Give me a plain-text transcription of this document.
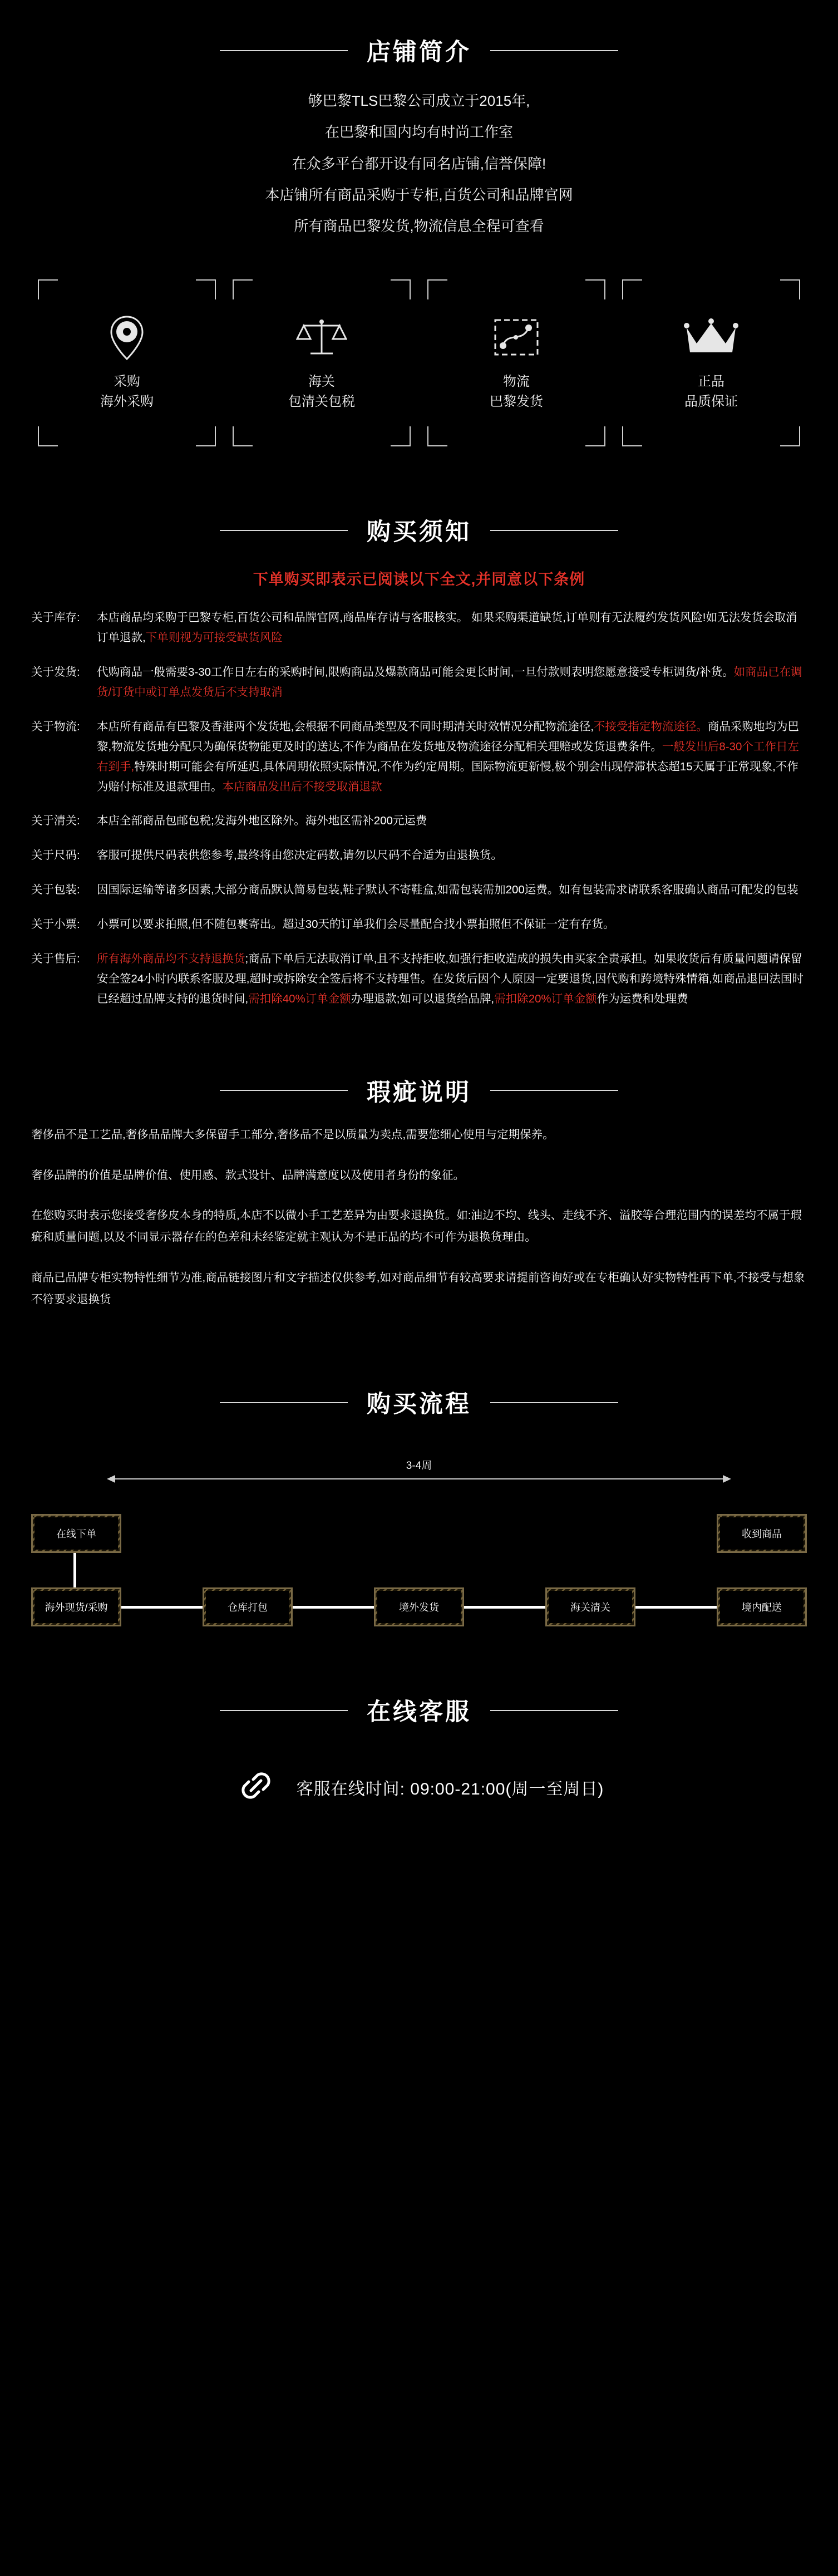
店铺简介

够巴黎TLS巴黎公司成立于2015年,

在巴黎和国内均有时尚工作室

在众多平台都开设有同名店铺,信誉保障!

本店铺所有商品采购于专柜,百货公司和品牌官网

所有商品巴黎发货,物流信息全程可查看

采购
海外采购
海关
包清关包税
物流
巴黎发货
正品
品质保证
购买须知
下单购买即表示已阅读以下全文,并同意以下条例
关于库存:	本店商品均采购于巴黎专柜,百货公司和品牌官网,商品库存请与客服核实。 如果采购渠道缺货,订单则有无法履约发货风险!如无法发货会取消订单退款,下单则视为可接受缺货风险
关于发货:	代购商品一般需要3-30工作日左右的采购时间,限购商品及爆款商品可能会更长时间,一旦付款则表明您愿意接受专柜调货/补货。如商品已在调货/订货中或订单点发货后不支持取消
关于物流:	本店所有商品有巴黎及香港两个发货地,会根据不同商品类型及不同时期清关时效情况分配物流途径,不接受指定物流途径。商品采购地均为巴黎,物流发货地分配只为确保货物能更及时的送达,不作为商品在发货地及物流途径分配相关理赔或发货退费条件。一般发出后8-30个工作日左右到手,特殊时期可能会有所延迟,具体周期依照实际情况,不作为约定周期。国际物流更新慢,极个别会出现停滞状态超15天属于正常现象,不作为赔付标准及退款理由。本店商品发出后不接受取消退款
关于清关:	本店全部商品包邮包税;发海外地区除外。海外地区需补200元运费
关于尺码:	客服可提供尺码表供您参考,最终将由您决定码数,请勿以尺码不合适为由退换货。
关于包装:	因国际运输等诸多因素,大部分商品默认简易包装,鞋子默认不寄鞋盒,如需包装需加200运费。如有包装需求请联系客服确认商品可配发的包装
关于小票:	小票可以要求拍照,但不随包裹寄出。超过30天的订单我们会尽量配合找小票拍照但不保证一定有存货。
关于售后:	所有海外商品均不支持退换货;商品下单后无法取消订单,且不支持拒收,如强行拒收造成的损失由买家全责承担。如果收货后有质量问题请保留安全签24小时内联系客服及理,超时或拆除安全签后将不支持理售。在发货后因个人原因一定要退货,因代购和跨境特殊情箱,如商品退回法国时已经超过品牌支持的退货时间,需扣除40%订单金额办理退款;如可以退货给品牌,需扣除20%订单金额作为运费和处理费
瑕疵说明

奢侈品不是工艺品,奢侈品品牌大多保留手工部分,奢侈品不是以质量为卖点,需要您细心使用与定期保养。

奢侈品牌的价值是品牌价值、使用感、款式设计、品牌满意度以及使用者身份的象征。

在您购买时表示您接受奢侈皮本身的特质,本店不以微小手工艺差异为由要求退换货。如:油边不均、线头、走线不齐、溢胶等合理范围内的误差均不属于瑕疵和质量问题,以及不同显示器存在的色差和未经鉴定就主观认为不是正品的均不可作为退换货理由。

商品已品牌专柜实物特性细节为准,商品链接图片和文字描述仅供参考,如对商品细节有较高要求请提前咨询好或在专柜确认好实物特性再下单,不接受与想象不符要求退换货

购买流程
3-4周
在线下单	收到商品
海外现货/采购	仓库打包	境外发货	海关清关	境内配送
在线客服
客服在线时间: 09:00-21:00(周一至周日)
